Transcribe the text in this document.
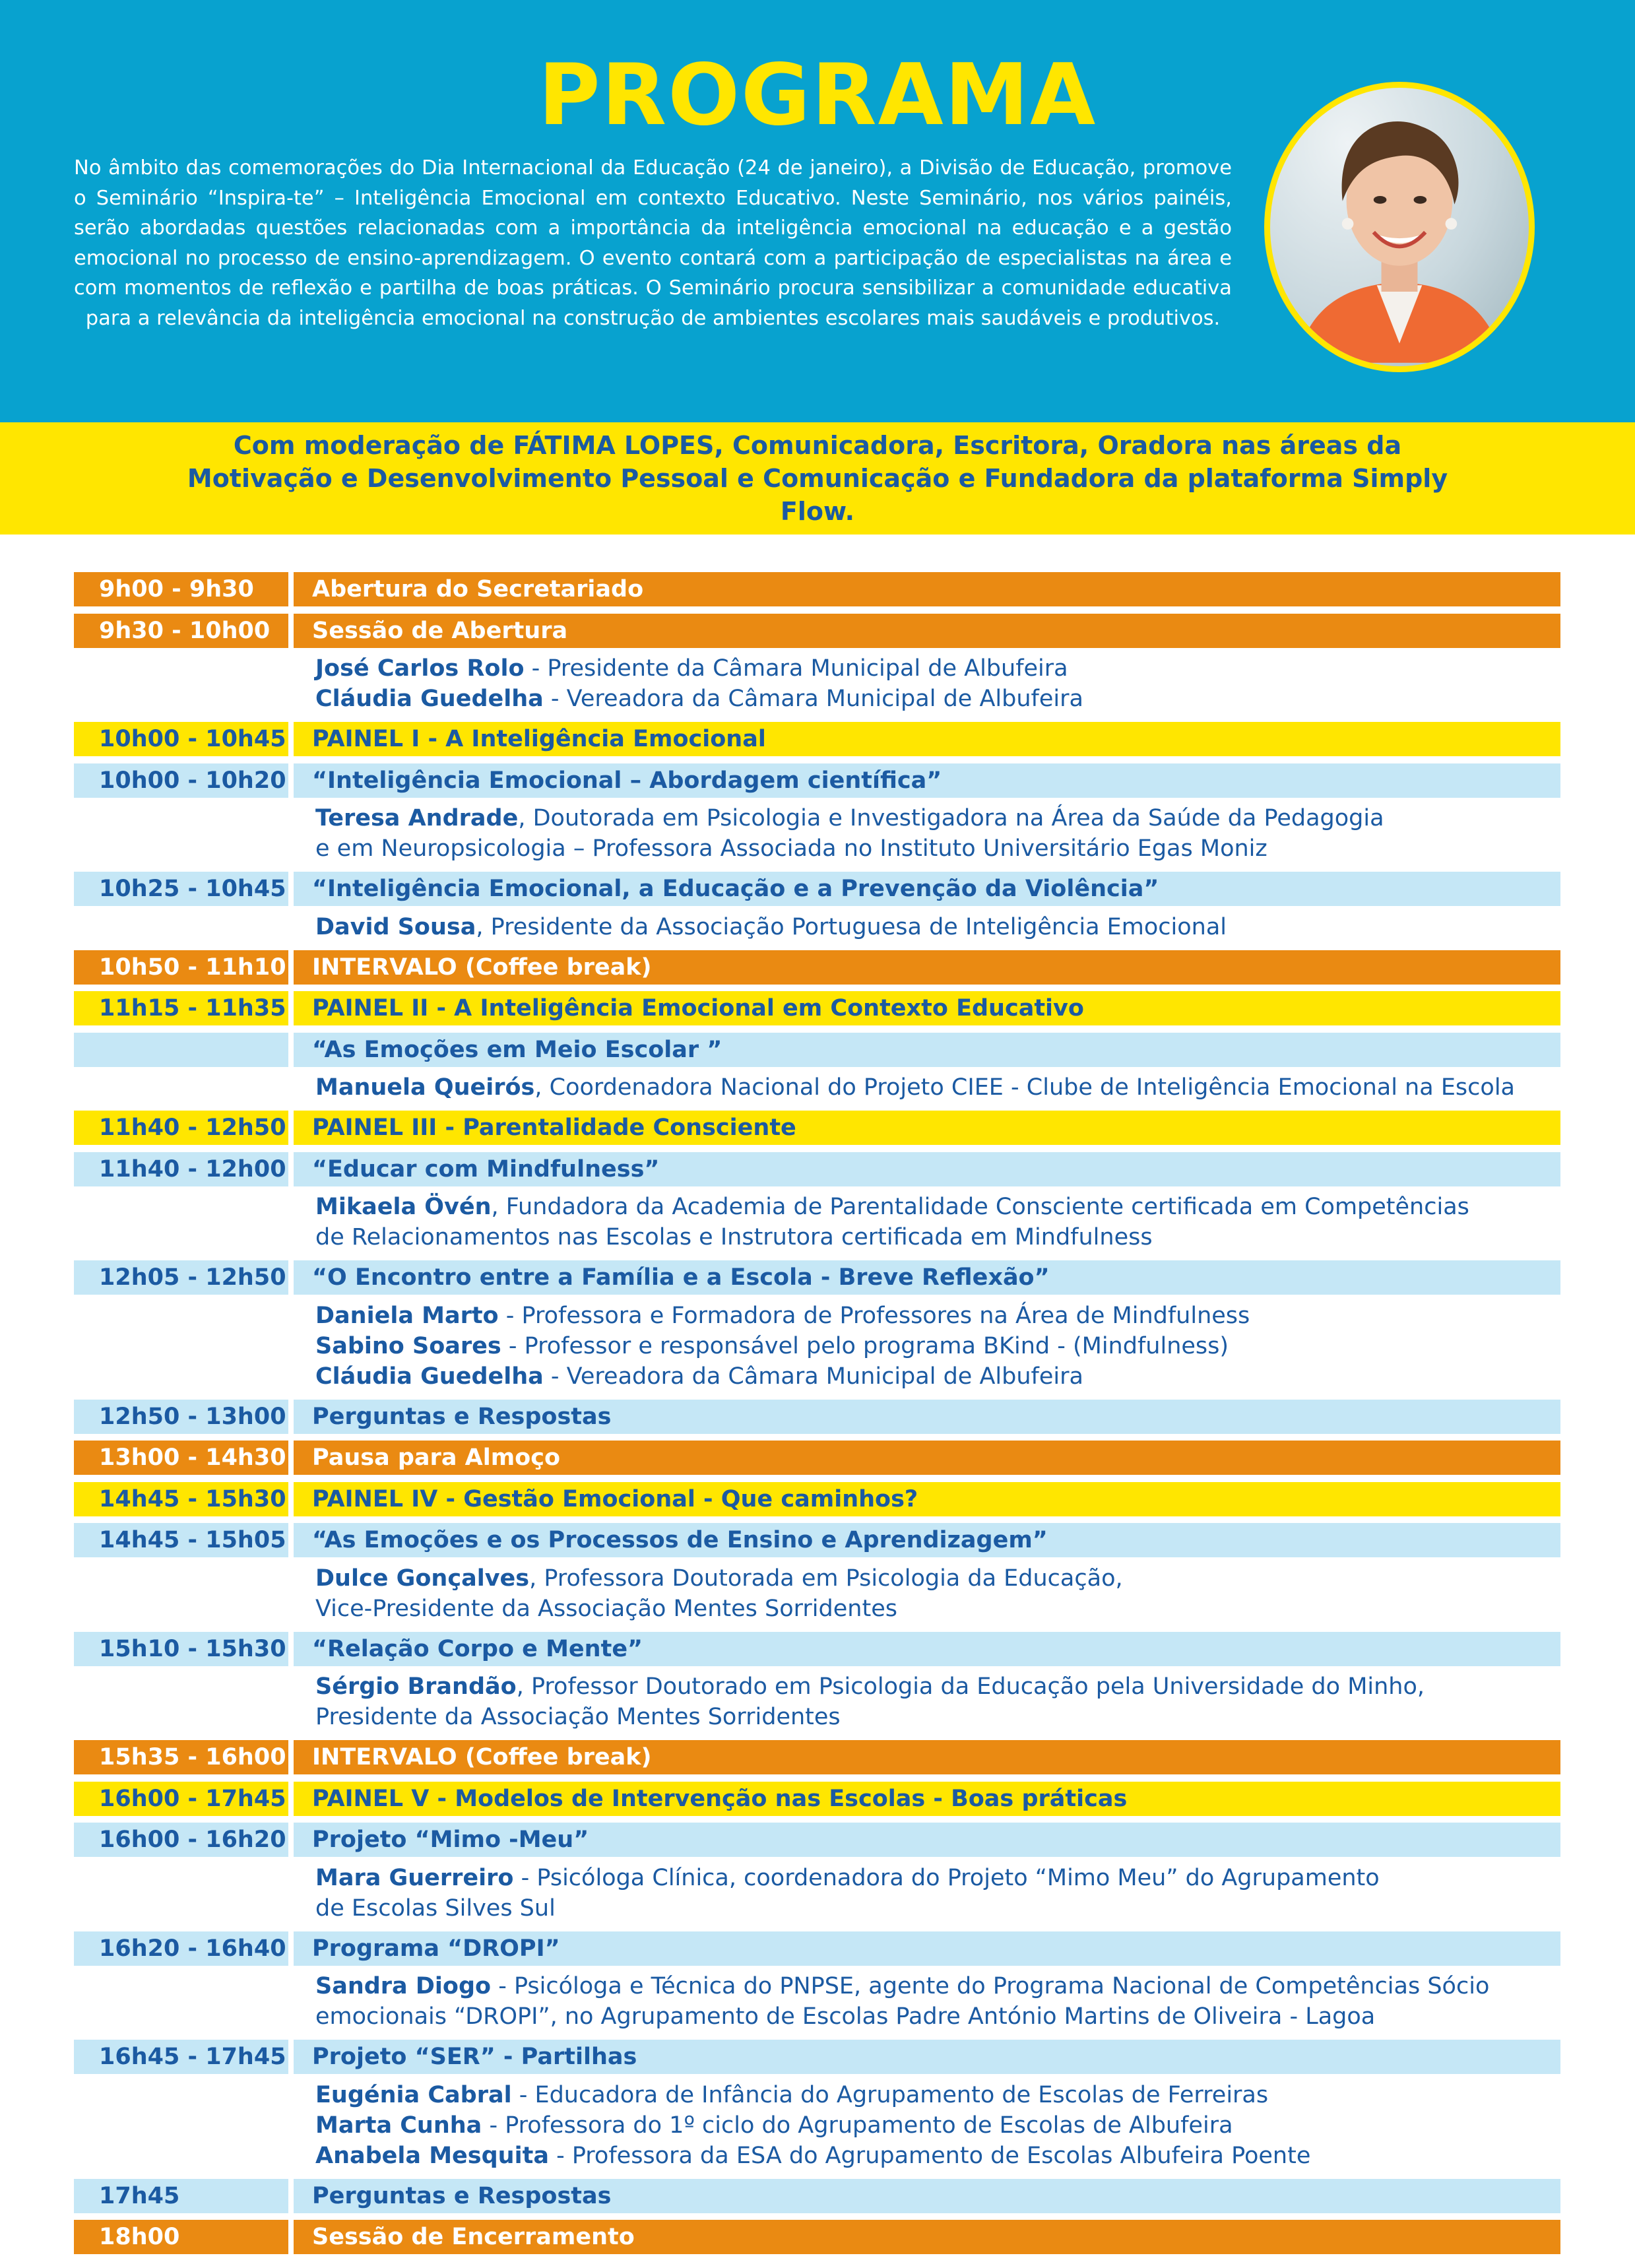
PROGRAMA

No âmbito das comemorações do Dia Internacional da Educação (24 de janeiro), a Divisão de Educação, promove o Seminário “Inspira-te” – Inteligência Emocional em contexto Educativo. Neste Seminário, nos vários painéis, serão abordadas questões relacionadas com a importância da inteligência emocional na educação e a gestão emocional no processo de ensino-aprendizagem. O evento contará com a participação de especialistas na área e com momentos de reflexão e partilha de boas práticas. O Seminário procura sensibilizar a comunidade educativa para a relevância da inteligência emocional na construção de ambientes escolares mais saudáveis e produtivos.

Com moderação de FÁTIMA LOPES, Comunicadora, Escritora, Oradora nas áreas da Motivação e Desenvolvimento Pessoal e Comunicação e Fundadora da plataforma Simply Flow.

9h00 - 9h30	Abertura do Secretariado
9h30 - 10h00	Sessão de Abertura

José Carlos Rolo - Presidente da Câmara Municipal de Albufeira

Cláudia Guedelha - Vereadora da Câmara Municipal de Albufeira

10h00 - 10h45	PAINEL I - A Inteligência Emocional
10h00 - 10h20	“Inteligência Emocional – Abordagem científica”

Teresa Andrade, Doutorada em Psicologia e Investigadora na Área da Saúde da Pedagogia

e em Neuropsicologia – Professora Associada no Instituto Universitário Egas Moniz

10h25 - 10h45	“Inteligência Emocional, a Educação e a Prevenção da Violência”

David Sousa, Presidente da Associação Portuguesa de Inteligência Emocional

10h50 - 11h10	INTERVALO (Coffee break)
11h15 - 11h35	PAINEL II - A Inteligência Emocional em Contexto Educativo
“As Emoções em Meio Escolar ”

Manuela Queirós, Coordenadora Nacional do Projeto CIEE - Clube de Inteligência Emocional na Escola

11h40 - 12h50	PAINEL III - Parentalidade Consciente
11h40 - 12h00	“Educar com Mindfulness”

Mikaela Övén, Fundadora da Academia de Parentalidade Consciente certificada em Competências

de Relacionamentos nas Escolas e Instrutora certificada em Mindfulness

12h05 - 12h50	“O Encontro entre a Família e a Escola - Breve Reflexão”

Daniela Marto - Professora e Formadora de Professores na Área de Mindfulness

Sabino Soares - Professor e responsável pelo programa BKind - (Mindfulness)

Cláudia Guedelha - Vereadora da Câmara Municipal de Albufeira

12h50 - 13h00	Perguntas e Respostas
13h00 - 14h30	Pausa para Almoço
14h45 - 15h30	PAINEL IV - Gestão Emocional - Que caminhos?
14h45 - 15h05	“As Emoções e os Processos de Ensino e Aprendizagem”

Dulce Gonçalves, Professora Doutorada em Psicologia da Educação,

Vice-Presidente da Associação Mentes Sorridentes

15h10 - 15h30	“Relação Corpo e Mente”

Sérgio Brandão, Professor Doutorado em Psicologia da Educação pela Universidade do Minho,

Presidente da Associação Mentes Sorridentes

15h35 - 16h00	INTERVALO (Coffee break)
16h00 - 17h45	PAINEL V - Modelos de Intervenção nas Escolas - Boas práticas
16h00 - 16h20	Projeto “Mimo -Meu”

Mara Guerreiro - Psicóloga Clínica, coordenadora do Projeto “Mimo Meu” do Agrupamento

de Escolas Silves Sul

16h20 - 16h40	Programa “DROPI”

Sandra Diogo - Psicóloga e Técnica do PNPSE, agente do Programa Nacional de Competências Sócio

emocionais “DROPI”, no Agrupamento de Escolas Padre António Martins de Oliveira - Lagoa

16h45 - 17h45	Projeto “SER” - Partilhas

Eugénia Cabral - Educadora de Infância do Agrupamento de Escolas de Ferreiras

Marta Cunha - Professora do 1º ciclo do Agrupamento de Escolas de Albufeira

Anabela Mesquita - Professora da ESA do Agrupamento de Escolas Albufeira Poente

17h45	Perguntas e Respostas
18h00	Sessão de Encerramento
